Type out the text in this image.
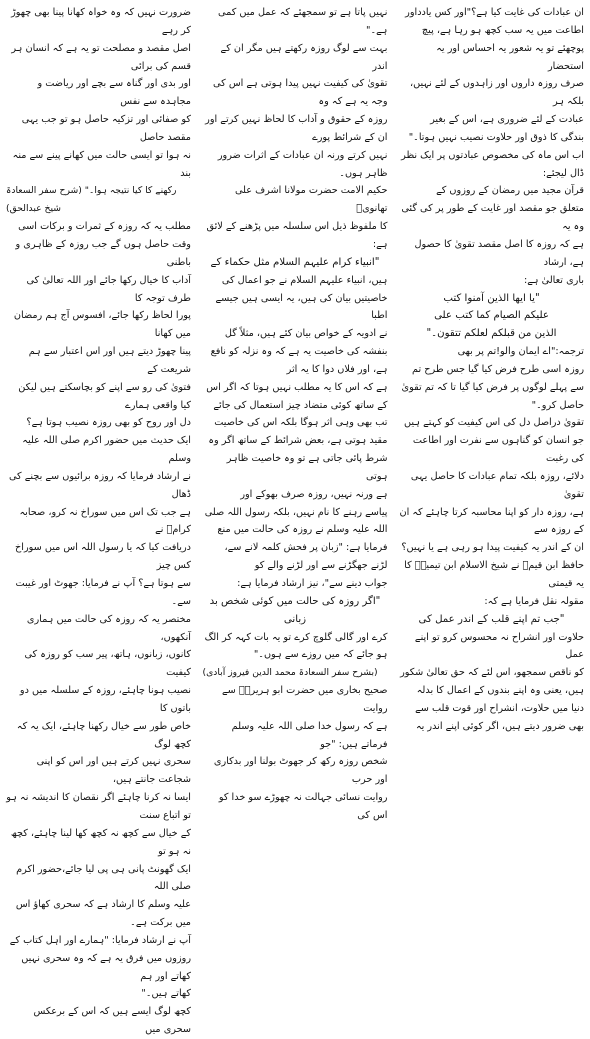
ان عبادات کی غایت کیا ہے؟"اور کس یادداور

اطاعت میں یہ سب کچھ ہو رہا ہے، پیچ

پوچھئے تو یہ شعور یہ احساس اور یہ استحضار

صرف روزہ داروں اور زاہدوں کے لئے نہیں، بلکہ ہر

عبادت کے لئے ضروری ہے، اس کے بغیر

بندگی کا ذوق اور حلاوت نصیب نہیں ہوتا۔"

اب اس ماہ کی مخصوص عبادتوں پر ایک نظر ڈال لیجئے:

قرآن مجید میں رمضان کے روزوں کے

متعلق جو مقصد اور غایت کے طور پر کی گئی وہ یہ

ہے کہ روزہ کا اصل مقصد تقویٰ کا حصول ہے، ارشاد

باری تعالیٰ ہے:

"یا ایھا الذین آمنوا کتب

علیکم الصیام کما کتب علی

الذین من قبلکم لعلکم تتقون۔"

ترجمہ:"اے ایمان والو!تم پر بھی

روزہ اسی طرح فرض کیا گیا جس طرح تم

سے پہلے لوگوں پر فرض کیا گیا تا کہ تم تقویٰ

حاصل کرو۔"

تقویٰ دراصل دل کی اس کیفیت کو کہتے ہیں

جو انسان کو گناہوں سے نفرت اور اطاعت کی رغبت

دلائے، روزہ بلکہ تمام عبادات کا حاصل یہی تقویٰ

ہے، روزہ دار کو اپنا محاسبہ کرتا چاہئے کہ ان کے روزہ سے

ان کے اندر یہ کیفیت پیدا ہو رہی ہے یا نہیں؟

حافظ ابن قیمؒ نے شیخ الاسلام ابن تیمیہؒ کا یہ قیمتی

مقولہ نقل فرمایا ہے کہ:

"جب تم اپنے قلب کے اندر عمل کی

حلاوت اور انشراح نہ محسوس کرو تو اپنے عمل

کو ناقص سمجھو، اس لئے کہ حق تعالیٰ شکور

ہیں، یعنی وہ اپنے بندوں کے اعمال کا بدلہ

دنیا میں حلاوت، انشراح اور قوت قلب سے

بھی ضرور دیتے ہیں، اگر کوئی اپنے اندر یہ

نہیں پاتا ہے تو سمجھئے کہ عمل میں کمی ہے۔"

بہت سے لوگ روزہ رکھتے ہیں مگر ان کے اندر

تقویٰ کی کیفیت نہیں پیدا ہوتی ہے اس کی وجہ یہ ہے کہ وہ

روزہ کے حقوق و آداب کا لحاظ نہیں کرتے اور ان کے شرائط پورے

نہیں کرتے ورنہ ان عبادات کے اثرات ضرور ظاہر ہوں۔

حکیم الامت حضرت مولانا اشرف علی تھانویؒ

کا ملفوظ ذیل اس سلسلہ میں پڑھنے کے لائق ہے:

"انبیاء کرام علیہم السلام مثل حکماء کے

ہیں، انبیاء علیہم السلام نے جو اعمال کی

خاصیتیں بیان کی ہیں، یہ ایسی ہیں جیسے اطبا

نے ادویہ کے خواص بیان کئے ہیں، مثلاً گل

بنفشہ کی خاصیت یہ ہے کہ وہ نزلہ کو نافع

ہے، اور فلاں دوا کا یہ اثر

ہے کہ اس کا یہ مطلب نہیں ہوتا کہ اگر اس

کے ساتھ کوئی متضاد چیز استعمال کی جائے

تب بھی وہی اثر ہوگا بلکہ اس کی خاصیت

مقید ہوتی ہے، بعض شرائط کے ساتھ اگر وہ

شرط پائی جاتی ہے تو وہ خاصیت ظاہر ہوتی

ہے ورنہ نہیں، روزہ صرف بھوکے اور

پیاسے رہنے کا نام نہیں، بلکہ رسول اللہ صلی

اللہ علیہ وسلم نے روزہ کی حالت میں منع

فرمایا ہے: "زبان پر فحش کلمہ لانے سے،

لڑنے جھگڑنے سے اور لڑنے والے کو

جواب دینے سے"، نیز ارشاد فرمایا ہے:

"اگر روزہ کی حالت میں کوئی شخص بد زبانی

کرے اور گالی گلوچ کرے تو یہ بات کہہ کر الگ

ہو جائے کہ میں روزے سے ہوں۔"

(بشرح سفر السعادۃ محمد الدین فیروز آبادی)

صحیح بخاری میں حضرت ابو ہریرہؓ سے روایت

ہے کہ رسول خدا صلی اللہ علیہ وسلم فرماتے ہیں: "جو

شخص روزہ رکھ کر جھوٹ بولنا اور بدکاری اور حرب

روایت نسائی جہالت نہ چھوڑے سو خدا کو اس کی

ضرورت نہیں کہ وہ خواہ کھانا پینا بھی چھوڑ کر رہے

اصل مقصد و مصلحت تو یہ ہے کہ انسان ہر قسم کی برائی

اور بدی اور گناہ سے بچے اور ریاضت و مجاہدہ سے نفس

کو صفائی اور تزکیہ حاصل ہو تو جب یہی مقصد حاصل

نہ ہوا تو ایسی حالت میں کھانے پینے سے منہ بند

رکھنے کا کیا نتیجہ ہوا۔" (شرح سفر السعادۃ شیخ عبدالحق)

مطلب یہ کہ روزہ کے ثمرات و برکات اسی

وقت حاصل ہوں گے جب روزہ کے ظاہری و باطنی

آداب کا خیال رکھا جائے اور اللہ تعالیٰ کی طرف توجہ کا

پورا لحاظ رکھا جائے، افسوس آج ہم رمضان میں کھانا

پینا چھوڑ دیتے ہیں اور اس اعتبار سے ہم شریعت کے

فتویٰ کی رو سے اپنے کو بچاسکتے ہیں لیکن کیا واقعی ہمارے

دل اور روح کو بھی روزہ نصیب ہوتا ہے؟

ایک حدیث میں حضور اکرم صلی اللہ علیہ وسلم

نے ارشاد فرمایا کہ روزہ برائیوں سے بچنے کی ڈھال

ہے جب تک اس میں سوراخ نہ کرو، صحابہ کرامؓ نے

دریافت کیا کہ یا رسول اللہ اس میں سوراخ کس چیز

سے ہوتا ہے؟ آپ نے فرمایا: جھوٹ اور غیبت سے۔

مختصر یہ کہ روزہ کی حالت میں ہماری آنکھوں،

کانوں، زبانوں، ہاتھ، پیر سب کو روزہ کی کیفیت

نصیب ہونا چاہئے، روزہ کے سلسلہ میں دو باتوں کا

خاص طور سے خیال رکھنا چاہئے، ایک یہ کہ کچھ لوگ

سحری نہیں کرتے ہیں اور اس کو اپنی شجاعت جانتے ہیں،

ایسا نہ کرنا چاہئے اگر نقصان کا اندیشہ نہ ہو تو اتباع سنت

کے خیال سے کچھ نہ کچھ کھا لینا چاہئے، کچھ نہ ہو تو

ایک گھونٹ پانی ہی پی لیا جائے،حضور اکرم صلی اللہ

علیہ وسلم کا ارشاد ہے کہ سحری کھاؤ اس میں برکت ہے۔

آپ نے ارشاد فرمایا: "ہمارے اور اہل کتاب کے

روزوں میں فرق یہ ہے کہ وہ سحری نہیں کھاتے اور ہم

کھاتے ہیں۔"

کچھ لوگ ایسے ہیں کہ اس کے برعکس سحری میں
